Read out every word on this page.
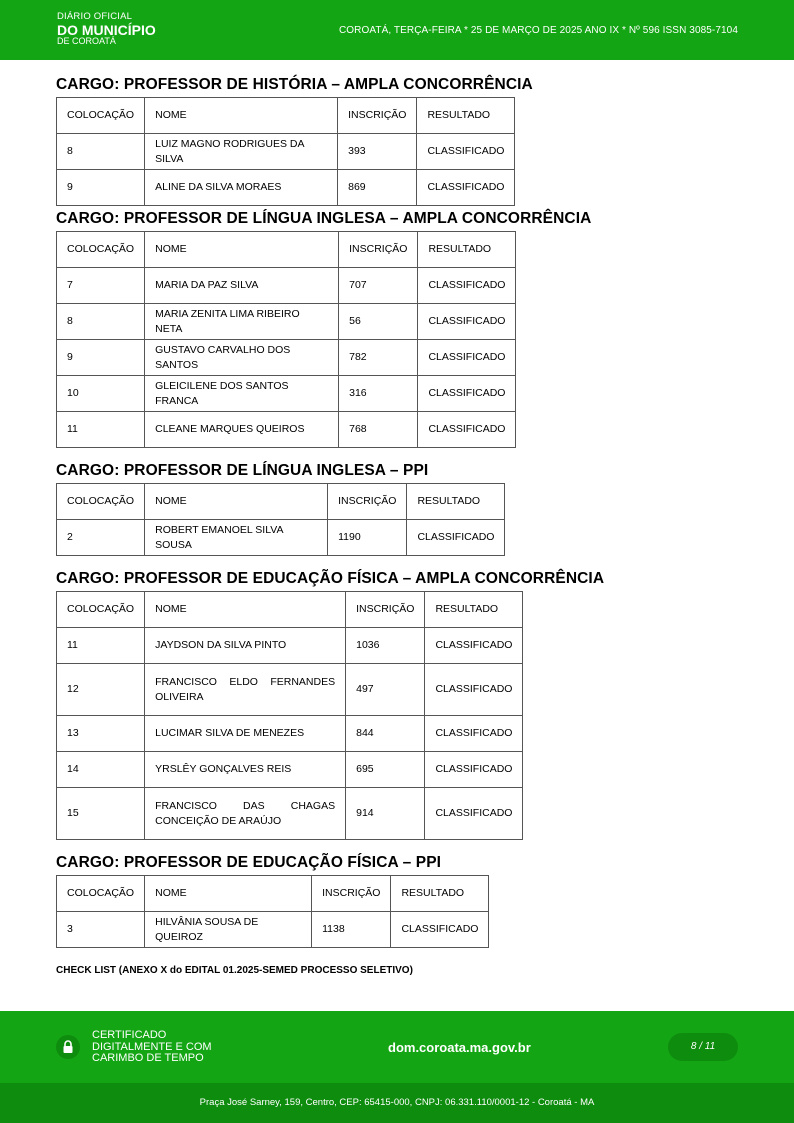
DIÁRIO OFICIAL
DO MUNICÍPIO
DE COROATÁ
COROATÁ, TERÇA-FEIRA * 25 DE MARÇO DE 2025 ANO IX * Nº 596 ISSN 3085-7104
CARGO: PROFESSOR DE HISTÓRIA – AMPLA CONCORRÊNCIA
COLOCAÇÃO	NOME	INSCRIÇÃO	RESULTADO
8	LUIZ MAGNO RODRIGUES DA SILVA	393	CLASSIFICADO
9	ALINE DA SILVA MORAES	869	CLASSIFICADO
CARGO: PROFESSOR DE LÍNGUA INGLESA – AMPLA CONCORRÊNCIA
COLOCAÇÃO	NOME	INSCRIÇÃO	RESULTADO
7	MARIA DA PAZ SILVA	707	CLASSIFICADO
8	MARIA ZENITA LIMA RIBEIRO NETA	56	CLASSIFICADO
9	GUSTAVO CARVALHO DOS SANTOS	782	CLASSIFICADO
10	GLEICILENE DOS SANTOS FRANCA	316	CLASSIFICADO
11	CLEANE MARQUES QUEIROS	768	CLASSIFICADO
CARGO: PROFESSOR DE LÍNGUA INGLESA – PPI
COLOCAÇÃO	NOME	INSCRIÇÃO	RESULTADO
2	ROBERT EMANOEL SILVA SOUSA	1190	CLASSIFICADO
CARGO: PROFESSOR DE EDUCAÇÃO FÍSICA – AMPLA CONCORRÊNCIA
COLOCAÇÃO	NOME	INSCRIÇÃO	RESULTADO
11	JAYDSON DA SILVA PINTO	1036	CLASSIFICADO
12	FRANCISCO ELDO FERNANDES OLIVEIRA	497	CLASSIFICADO
13	LUCIMAR SILVA DE MENEZES	844	CLASSIFICADO
14	YRSLÊY GONÇALVES REIS	695	CLASSIFICADO
15	FRANCISCO DAS CHAGAS CONCEIÇÃO DE ARAÚJO	914	CLASSIFICADO
CARGO: PROFESSOR DE EDUCAÇÃO FÍSICA – PPI
COLOCAÇÃO	NOME	INSCRIÇÃO	RESULTADO
3	HILVÂNIA SOUSA DE QUEIROZ	1138	CLASSIFICADO
CHECK LIST (ANEXO X do EDITAL 01.2025-SEMED PROCESSO SELETIVO)
CERTIFICADO
DIGITALMENTE E COM
CARIMBO DE TEMPO
dom.coroata.ma.gov.br	8 / 11
Praça José Sarney, 159, Centro, CEP: 65415-000, CNPJ: 06.331.110/0001-12 - Coroatá - MA
